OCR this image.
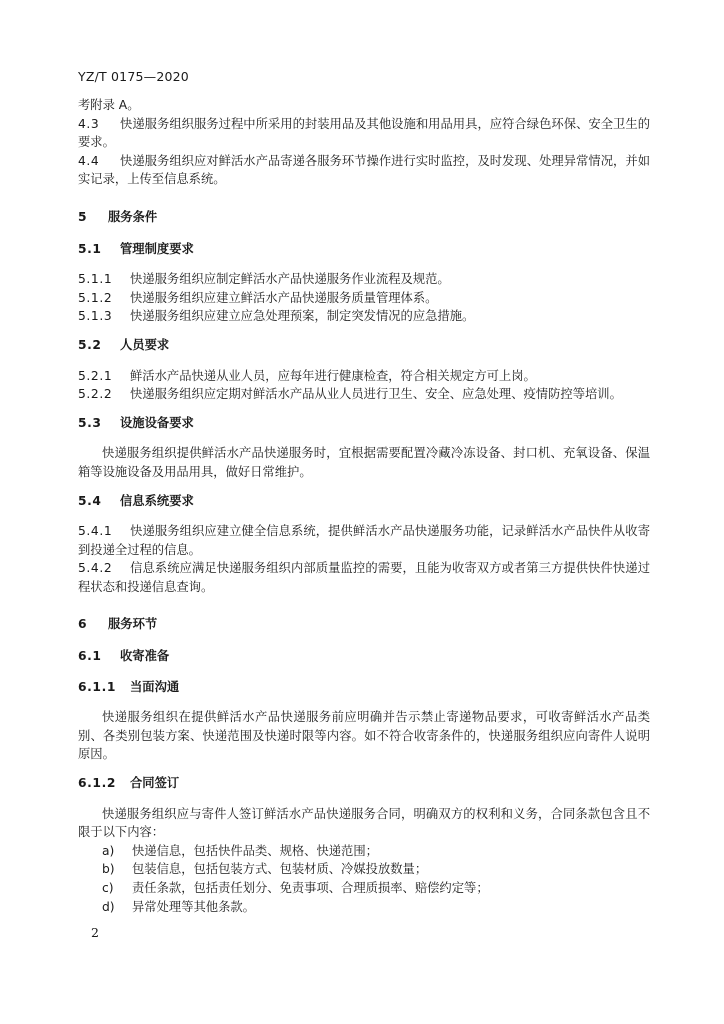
YZ/T 0175—2020

考附录 A。

4.3 快递服务组织服务过程中所采用的封装用品及其他设施和用品用具，应符合绿色环保、安全卫生的要求。

4.4 快递服务组织应对鲜活水产品寄递各服务环节操作进行实时监控，及时发现、处理异常情况，并如实记录，上传至信息系统。

5 服务条件

5.1 管理制度要求

5.1.1 快递服务组织应制定鲜活水产品快递服务作业流程及规范。

5.1.2 快递服务组织应建立鲜活水产品快递服务质量管理体系。

5.1.3 快递服务组织应建立应急处理预案，制定突发情况的应急措施。

5.2 人员要求

5.2.1 鲜活水产品快递从业人员，应每年进行健康检查，符合相关规定方可上岗。

5.2.2 快递服务组织应定期对鲜活水产品从业人员进行卫生、安全、应急处理、疫情防控等培训。

5.3 设施设备要求

快递服务组织提供鲜活水产品快递服务时，宜根据需要配置冷藏冷冻设备、封口机、充氧设备、保温箱等设施设备及用品用具，做好日常维护。

5.4 信息系统要求

5.4.1 快递服务组织应建立健全信息系统，提供鲜活水产品快递服务功能，记录鲜活水产品快件从收寄到投递全过程的信息。

5.4.2 信息系统应满足快递服务组织内部质量监控的需要，且能为收寄双方或者第三方提供快件快递过程状态和投递信息查询。

6 服务环节

6.1 收寄准备

6.1.1 当面沟通

快递服务组织在提供鲜活水产品快递服务前应明确并告示禁止寄递物品要求，可收寄鲜活水产品类别、各类别包装方案、快递范围及快递时限等内容。如不符合收寄条件的，快递服务组织应向寄件人说明原因。

6.1.2 合同签订

快递服务组织应与寄件人签订鲜活水产品快递服务合同，明确双方的权利和义务，合同条款包含且不限于以下内容：

a) 快递信息，包括快件品类、规格、快递范围；

b) 包装信息，包括包装方式、包装材质、冷媒投放数量；

c) 责任条款，包括责任划分、免责事项、合理质损率、赔偿约定等；

d) 异常处理等其他条款。

2
